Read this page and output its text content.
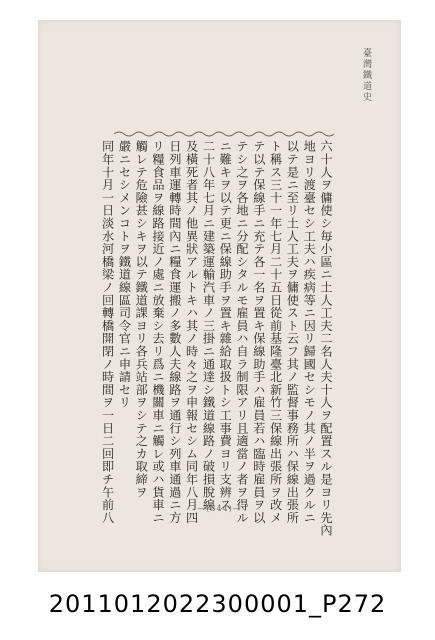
臺灣鐵道史
六十人ヲ傭使シ毎小區ニ土人工夫二名人夫十人ヲ配置スル是ヨリ先內
地ヨリ渡臺セシ工夫ハ疾病等ニ因リ歸國セシモノ其ノ半ヲ過クルニ
以テ是ニ至リ土人工夫ヲ傭使スト云フ其ノ監督事務所ハ保線出張所
ト稱ス三十一年七月二十五日從前基隆臺北新竹三保線出張所ヲ改メ
テ以テ保線手ニ充テ各一名ヲ置キ保線助手ハ雇員若ハ臨時雇員ヲ以
テシ之ヲ各地ニ分配シタルモ雇員ハ自ラ制限アリ且適當ノ者ヲ得ル
ニ難キヲ以テ更ニ保線助手ヲ置キ雜給取扱トシ工事費ヨリ支辨ス
二十八年七月ニ建築運輸汽車ノ三掛ニ通達シ鐵道線路ノ破損脫線
及橫死者其ノ他異狀アルトキハ其ノ時々之ヲ申報セシム同年八月四
日列車運轉時間內ニ糧食運搬ノ多數人夫線路ヲ通行シ列車通過ニ方
リ糧食品ヲ線路接近ノ處ニ放棄シ去リ爲ニ機關車ニ觸レ或ハ貨車ニ
觸レテ危險甚シキヲ以テ鐵道課ヨリ各兵站部ヲシテ之カ取締ヲ
嚴ニセシメンコトヲ鐵道線區司令官ニ申請セリ
同年十月一日淡水河橋梁ノ回轉橋開閉ノ時間ヲ一日二回即チ午前八	—(344)—
2011012022300001_P272
